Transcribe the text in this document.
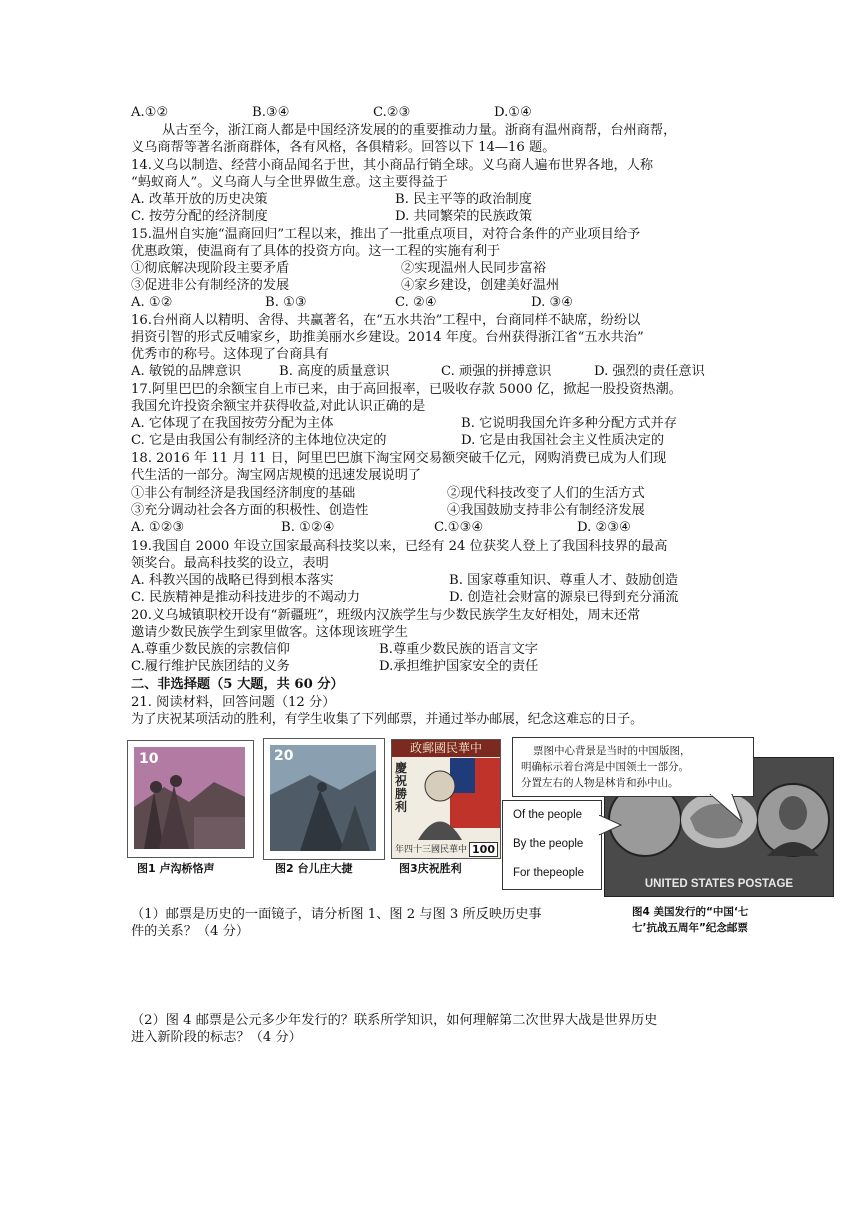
A.①②	B.③④	C.②③	D.①④
从古至今，浙江商人都是中国经济发展的的重要推动力量。浙商有温州商帮，台州商帮，
义乌商帮等著名浙商群体，各有风格，各俱精彩。回答以下 14—16 题。
14.义乌以制造、经营小商品闻名于世，其小商品行销全球。义乌商人遍布世界各地，人称
“蚂蚁商人”。义乌商人与全世界做生意。这主要得益于
A. 改革开放的历史决策	B. 民主平等的政治制度
C. 按劳分配的经济制度	D. 共同繁荣的民族政策
15.温州自实施“温商回归”工程以来，推出了一批重点项目，对符合条件的产业项目给予
优惠政策，使温商有了具体的投资方向。这一工程的实施有利于
①彻底解决现阶段主要矛盾	②实现温州人民同步富裕
③促进非公有制经济的发展	④家乡建设，创建美好温州
A. ①②	B. ①③	C. ②④	D. ③④
16.台州商人以精明、舍得、共赢著名，在“五水共治”工程中，台商同样不缺席，纷纷以
捐资引智的形式反哺家乡，助推美丽水乡建设。2014 年度。台州获得浙江省“五水共治”
优秀市的称号。这体现了台商具有
A. 敏锐的品牌意识	B. 高度的质量意识	C. 顽强的拼搏意识	D. 强烈的责任意识
17.阿里巴巴的余额宝自上市已来，由于高回报率，已吸收存款 5000 亿，掀起一股投资热潮。
我国允许投资余额宝并获得收益,对此认识正确的是
A. 它体现了在我国按劳分配为主体	B. 它说明我国允许多种分配方式并存
C. 它是由我国公有制经济的主体地位决定的	D. 它是由我国社会主义性质决定的
18. 2016 年 11 月 11 日，阿里巴巴旗下淘宝网交易额突破千亿元，网购消费已成为人们现
代生活的一部分。淘宝网店规模的迅速发展说明了
①非公有制经济是我国经济制度的基础	②现代科技改变了人们的生活方式
③充分调动社会各方面的积极性、创造性	④我国鼓励支持非公有制经济发展
A. ①②③	B. ①②④	C.①③④	D. ②③④
19.我国自 2000 年设立国家最高科技奖以来，已经有 24 位获奖人登上了我国科技界的最高
领奖台。最高科技奖的设立，表明
A. 科教兴国的战略已得到根本落实	B. 国家尊重知识、尊重人才、鼓励创造
C. 民族精神是推动科技进步的不竭动力	D. 创造社会财富的源泉已得到充分涌流
20.义乌城镇职校开设有“新疆班”，班级内汉族学生与少数民族学生友好相处，周末还常
邀请少数民族学生到家里做客。这体现该班学生
A.尊重少数民族的宗教信仰	B.尊重少数民族的语言文字
C.履行维护民族团结的义务	D.承担维护国家安全的责任
二、非选择题（5 大题，共 60 分）
21. 阅读材料，回答问题（12 分）
为了庆祝某项活动的胜利，有学生收集了下列邮票，并通过举办邮展，纪念这难忘的日子。
10
图1 卢沟桥恪声
20
图2 台儿庄大捷
政郵國民華中
慶祝勝利
年四十三國民華中 100
图3庆祝胜利
UNITED STATES POSTAGE
票图中心背景是当时的中国版图，
明确标示着台湾是中国领土一部分。
分置左右的人物是林肯和孙中山。
Of the people
By the people
For thepeople
图4 美国发行的“中国‘七
七’抗战五周年”纪念邮票
（1）邮票是历史的一面镜子，请分析图 1、图 2 与图 3 所反映历史事
件的关系？（4 分）
（2）图 4 邮票是公元多少年发行的？联系所学知识，如何理解第二次世界大战是世界历史
进入新阶段的标志？（4 分）
